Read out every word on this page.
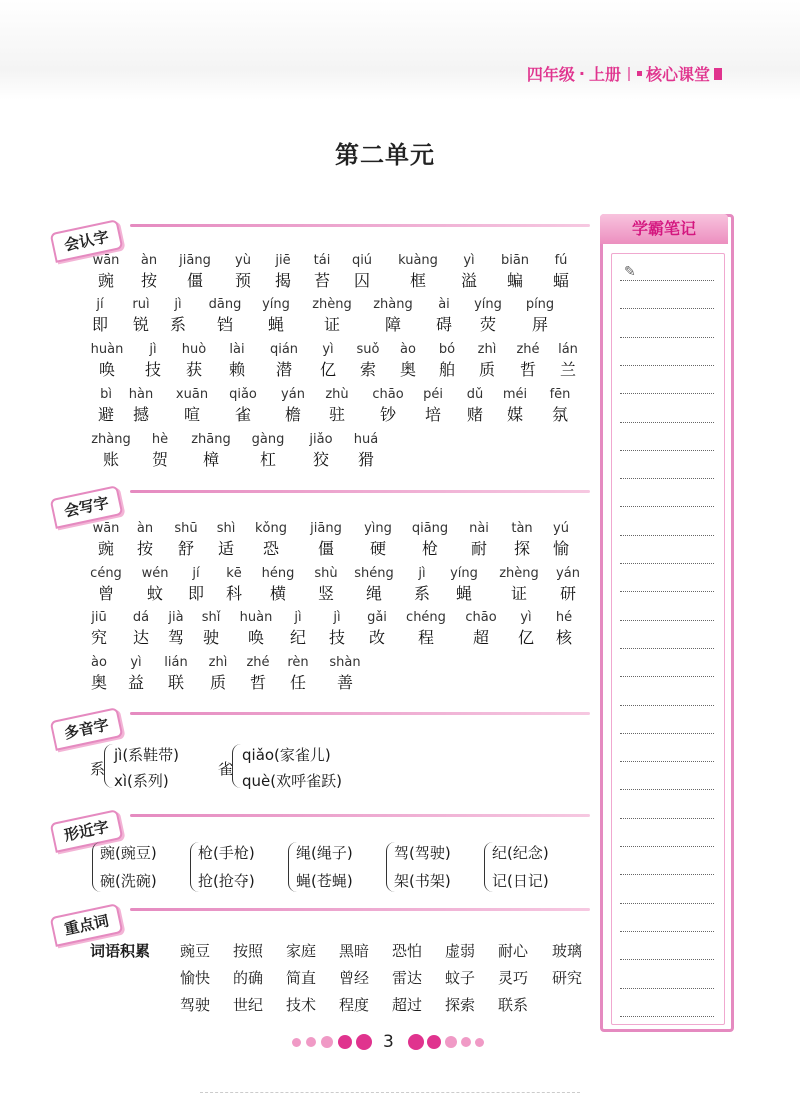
四年级 · 上册 核心课堂
第二单元
会认字
会写字
多音字
形近字
重点词
wān
豌
àn
按
jiāng
僵
yù
预
jiē
揭
tái
苔
qiú
囚
kuàng
框
yì
溢
biān
蝙
fú
蝠
jí
即
ruì
锐
jì
系
dāng
铛
yíng
蝇
zhèng
证
zhàng
障
ài
碍
yíng
荧
píng
屏
huàn
唤
jì
技
huò
获
lài
赖
qián
潜
yì
亿
suǒ
索
ào
奥
bó
舶
zhì
质
zhé
哲
lán
兰
bì
避
hàn
撼
xuān
喧
qiǎo
雀
yán
檐
zhù
驻
chāo
钞
péi
培
dǔ
赌
méi
媒
fēn
氛
zhàng
账
hè
贺
zhāng
樟
gàng
杠
jiǎo
狡
huá
猾
wān
豌
àn
按
shū
舒
shì
适
kǒng
恐
jiāng
僵
yìng
硬
qiāng
枪
nài
耐
tàn
探
yú
愉
céng
曾
wén
蚊
jí
即
kē
科
héng
横
shù
竖
shéng
绳
jì
系
yíng
蝇
zhèng
证
yán
研
jiū
究
dá
达
jià
驾
shǐ
驶
huàn
唤
jì
纪
jì
技
gǎi
改
chéng
程
chāo
超
yì
亿
hé
核
ào
奥
yì
益
lián
联
zhì
质
zhé
哲
rèn
任
shàn
善
系
jì(系鞋带)
xì(系列)
雀
qiǎo(家雀儿)
què(欢呼雀跃)
豌(豌豆)
碗(洗碗)
枪(手枪)
抢(抢夺)
绳(绳子)
蝇(苍蝇)
驾(驾驶)
架(书架)
纪(纪念)
记(日记)
词语积累 豌豆 按照 家庭 黑暗 恐怕 虚弱 耐心 玻璃
愉快 的确 简直 曾经 雷达 蚊子 灵巧 研究
驾驶 世纪 技术 程度 超过 探索 联系
学霸笔记
✎
3
